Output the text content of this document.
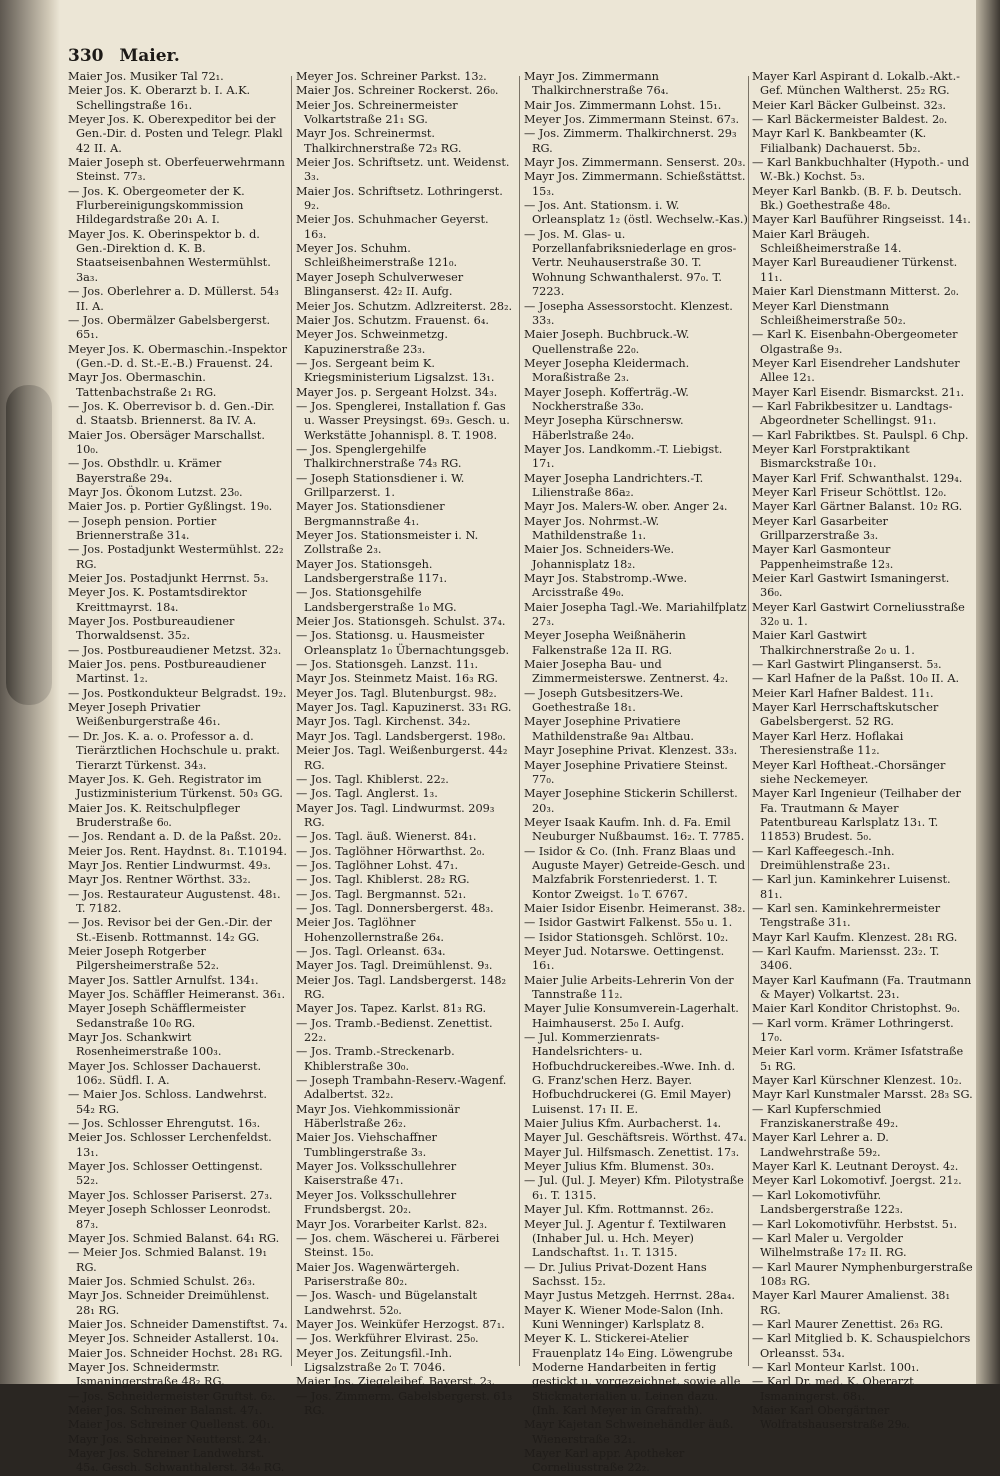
330 Maier.

Maier Jos. Musiker Tal 72₁.

Meier Jos. K. Oberarzt b. I. A.K. Schellingstraße 16₁.

Meyer Jos. K. Oberexpeditor bei der Gen.-Dir. d. Posten und Telegr. Plakl 42 II. A.

Maier Joseph st. Oberfeuerwehrmann Steinst. 77₃.

— Jos. K. Obergeometer der K. Flurbereinigungskommission Hildegardstraße 20₁ A. I.

Mayer Jos. K. Oberinspektor b. d. Gen.-Direktion d. K. B. Staatseisenbahnen Westermühlst. 3a₃.

— Jos. Oberlehrer a. D. Müllerst. 54₃ II. A.

— Jos. Obermälzer Gabelsbergerst. 65₁.

Meyer Jos. K. Obermaschin.-Inspektor (Gen.-D. d. St.-E.-B.) Frauenst. 24.

Mayr Jos. Obermaschin. Tattenbachstraße 2₁ RG.

— Jos. K. Oberrevisor b. d. Gen.-Dir. d. Staatsb. Briennerst. 8a IV. A.

Maier Jos. Obersäger Marschallst. 10₀.

— Jos. Obsthdlr. u. Krämer Bayerstraße 29₄.

Mayr Jos. Ökonom Lutzst. 23₀.

Maier Jos. p. Portier Gyßlingst. 19₀.

— Joseph pension. Portier Briennerstraße 31₄.

— Jos. Postadjunkt Westermühlst. 22₂ RG.

Meier Jos. Postadjunkt Herrnst. 5₃.

Meyer Jos. K. Postamtsdirektor Kreittmayrst. 18₄.

Mayer Jos. Postbureaudiener Thorwaldsenst. 35₂.

— Jos. Postbureaudiener Metzst. 32₃.

Maier Jos. pens. Postbureaudiener Martinst. 1₂.

— Jos. Postkondukteur Belgradst. 19₂.

Meyer Joseph Privatier Weißenburgerstraße 46₁.

— Dr. Jos. K. a. o. Professor a. d. Tierärztlichen Hochschule u. prakt. Tierarzt Türkenst. 34₃.

Mayer Jos. K. Geh. Registrator im Justizministerium Türkenst. 50₃ GG.

Maier Jos. K. Reitschulpfleger Bruderstraße 6₀.

— Jos. Rendant a. D. de la Paßst. 20₂.

Meier Jos. Rent. Haydnst. 8₁. T.10194.

Mayr Jos. Rentier Lindwurmst. 49₃.

Mayr Jos. Rentner Wörthst. 33₂.

— Jos. Restaurateur Augustenst. 48₁. T. 7182.

— Jos. Revisor bei der Gen.-Dir. der St.-Eisenb. Rottmannst. 14₂ GG.

Meier Joseph Rotgerber Pilgersheimerstraße 52₂.

Mayer Jos. Sattler Arnulfst. 134₁.

Mayer Jos. Schäffler Heimeranst. 36₁.

Mayer Joseph Schäfflermeister Sedanstraße 10₀ RG.

Mayr Jos. Schankwirt Rosenheimerstraße 100₃.

Mayer Jos. Schlosser Dachauerst. 106₂. Südfl. I. A.

— Maier Jos. Schloss. Landwehrst. 54₂ RG.

— Jos. Schlosser Ehrengutst. 16₃.

Meier Jos. Schlosser Lerchenfeldst. 13₁.

Mayer Jos. Schlosser Oettingenst. 52₂.

Mayer Jos. Schlosser Pariserst. 27₃.

Meyer Joseph Schlosser Leonrodst. 87₃.

Mayer Jos. Schmied Balanst. 64₁ RG.

— Meier Jos. Schmied Balanst. 19₁ RG.

Maier Jos. Schmied Schulst. 26₃.

Mayr Jos. Schneider Dreimühlenst. 28₁ RG.

Maier Jos. Schneider Damenstiftst. 7₄.

Meyer Jos. Schneider Astallerst. 10₄.

Maier Jos. Schneider Hochst. 28₁ RG.

Mayer Jos. Schneidermstr. Ismaningerstraße 48₂ RG.

— Jos. Schneidermeister Gruftst. 6₂.

Meier Jos. Schreiner Balanst. 47₁.

Maier Jos. Schreiner Quellenst. 60₁.

Mayr Jos. Schreiner Neutterst. 24₁.

Mayer Jos. Schreiner Landwehrst. 45₄. Gesch. Schwanthalerst. 34₀ RG.

Meyer Jos. Schreiner Parkst. 13₂.

Maier Jos. Schreiner Rockerst. 26₀.

Meier Jos. Schreinermeister Volkartstraße 21₁ SG.

Mayr Jos. Schreinermst. Thalkirchnerstraße 72₃ RG.

Meier Jos. Schriftsetz. unt. Weidenst. 3₃.

Maier Jos. Schriftsetz. Lothringerst. 9₂.

Meier Jos. Schuhmacher Geyerst. 16₃.

Meyer Jos. Schuhm. Schleißheimerstraße 121₀.

Mayer Joseph Schulverweser Blinganserst. 42₂ II. Aufg.

Meier Jos. Schutzm. Adlzreiterst. 28₂.

Maier Jos. Schutzm. Frauenst. 6₄.

Meyer Jos. Schweinmetzg. Kapuzinerstraße 23₃.

— Jos. Sergeant beim K. Kriegsministerium Ligsalzst. 13₁.

Mayer Jos. p. Sergeant Holzst. 34₃.

— Jos. Spenglerei, Installation f. Gas u. Wasser Preysingst. 69₃. Gesch. u. Werkstätte Johannispl. 8. T. 1908.

— Jos. Spenglergehilfe Thalkirchnerstraße 74₃ RG.

— Joseph Stationsdiener i. W. Grillparzerst. 1.

Mayer Jos. Stationsdiener Bergmannstraße 4₁.

Meyer Jos. Stationsmeister i. N. Zollstraße 2₃.

Mayer Jos. Stationsgeh. Landsbergerstraße 117₁.

— Jos. Stationsgehilfe Landsbergerstraße 1₀ MG.

Meier Jos. Stationsgeh. Schulst. 37₄.

— Jos. Stationsg. u. Hausmeister Orleansplatz 1₀ Übernachtungsgeb.

— Jos. Stationsgeh. Lanzst. 11₁.

Mayr Jos. Steinmetz Maist. 16₃ RG.

Meyer Jos. Tagl. Blutenburgst. 98₂.

Mayer Jos. Tagl. Kapuzinerst. 33₁ RG.

Mayr Jos. Tagl. Kirchenst. 34₂.

Mayr Jos. Tagl. Landsbergerst. 198₀.

Meier Jos. Tagl. Weißenburgerst. 44₂ RG.

— Jos. Tagl. Khiblerst. 22₂.

— Jos. Tagl. Anglerst. 1₃.

Mayer Jos. Tagl. Lindwurmst. 209₃ RG.

— Jos. Tagl. äuß. Wienerst. 84₁.

— Jos. Taglöhner Hörwarthst. 2₀.

— Jos. Taglöhner Lohst. 47₁.

— Jos. Tagl. Khiblerst. 28₂ RG.

— Jos. Tagl. Bergmannst. 52₁.

— Jos. Tagl. Donnersbergerst. 48₃.

Meier Jos. Taglöhner Hohenzollernstraße 26₄.

— Jos. Tagl. Orleanst. 63₄.

Mayer Jos. Tagl. Dreimühlenst. 9₃.

Meier Jos. Tagl. Landsbergerst. 148₂ RG.

Mayer Jos. Tapez. Karlst. 81₃ RG.

— Jos. Tramb.-Bedienst. Zenettist. 22₂.

— Jos. Tramb.-Streckenarb. Khiblerstraße 30₀.

— Joseph Trambahn-Reserv.-Wagenf. Adalbertst. 32₂.

Mayr Jos. Viehkommissionär Häberlstraße 26₂.

Maier Jos. Viehschaffner Tumblingerstraße 3₃.

Mayer Jos. Volksschullehrer Kaiserstraße 47₁.

Meyer Jos. Volksschullehrer Frundsbergst. 20₂.

Mayr Jos. Vorarbeiter Karlst. 82₃.

— Jos. chem. Wäscherei u. Färberei Steinst. 15₀.

Maier Jos. Wagenwärtergeh. Pariserstraße 80₂.

— Jos. Wasch- und Bügelanstalt Landwehrst. 52₀.

Mayer Jos. Weinküfer Herzogst. 87₁.

— Jos. Werkführer Elvirast. 25₀.

Meyer Jos. Zeitungsfil.-Inh. Ligsalzstraße 2₀ T. 7046.

Maier Jos. Ziegeleibef. Bayerst. 2₃.

— Jos. Zimmerm. Gabelsbergerst. 61₃ RG.

Mayr Jos. Zimmermann Thalkirchnerstraße 76₄.

Mair Jos. Zimmermann Lohst. 15₁.

Meyer Jos. Zimmermann Steinst. 67₃.

— Jos. Zimmerm. Thalkirchnerst. 29₃ RG.

Mayr Jos. Zimmermann. Senserst. 20₃.

Mayr Jos. Zimmermann. Schießstättst. 15₃.

— Jos. Ant. Stationsm. i. W. Orleansplatz 1₂ (östl. Wechselw.-Kas.)

— Jos. M. Glas- u. Porzellanfabriksniederlage en gros-Vertr. Neuhauserstraße 30. T. Wohnung Schwanthalerst. 97₀. T. 7223.

— Josepha Assessorstocht. Klenzest. 33₃.

Maier Joseph. Buchbruck.-W. Quellenstraße 22₀.

Meyer Josepha Kleidermach. Moraßistraße 2₃.

Mayer Joseph. Kofferträg.-W. Nockherstraße 33₀.

Meyr Josepha Kürschnersw. Häberlstraße 24₀.

Mayer Jos. Landkomm.-T. Liebigst. 17₁.

Mayer Josepha Landrichters.-T. Lilienstraße 86a₂.

Mayr Jos. Malers-W. ober. Anger 2₄.

Mayer Jos. Nohrmst.-W. Mathildenstraße 1₁.

Maier Jos. Schneiders-We. Johannisplatz 18₂.

Mayr Jos. Stabstromp.-Wwe. Arcisstraße 49₀.

Maier Josepha Tagl.-We. Mariahilfplatz 27₃.

Meyer Josepha Weißnäherin Falkenstraße 12a II. RG.

Maier Josepha Bau- und Zimmermeisterswe. Zentnerst. 4₂.

— Joseph Gutsbesitzers-We. Goethestraße 18₁.

Mayer Josephine Privatiere Mathildenstraße 9a₁ Altbau.

Mayr Josephine Privat. Klenzest. 33₃.

Mayer Josephine Privatiere Steinst. 77₀.

Mayer Josephine Stickerin Schillerst. 20₃.

Meyer Isaak Kaufm. Inh. d. Fa. Emil Neuburger Nußbaumst. 16₂. T. 7785.

— Isidor & Co. (Inh. Franz Blaas und Auguste Mayer) Getreide-Gesch. und Malzfabrik Forstenriederst. 1. T. Kontor Zweigst. 1₀ T. 6767.

Maier Isidor Eisenbr. Heimeranst. 38₂.

— Isidor Gastwirt Falkenst. 55₀ u. 1.

— Isidor Stationsgeh. Schlörst. 10₂.

Meyer Jud. Notarswe. Oettingenst. 16₁.

Maier Julie Arbeits-Lehrerin Von der Tannstraße 11₂.

Mayer Julie Konsumverein-Lagerhalt. Haimhauserst. 25₀ I. Aufg.

— Jul. Kommerzienrats-Handelsrichters- u. Hofbuchdruckereibes.-Wwe. Inh. d. G. Franz'schen Herz. Bayer. Hofbuchdruckerei (G. Emil Mayer) Luisenst. 17₁ II. E.

Maier Julius Kfm. Aurbacherst. 1₄.

Mayer Jul. Geschäftsreis. Wörthst. 47₄.

Mayer Jul. Hilfsmasch. Zenettist. 17₃.

Meyer Julius Kfm. Blumenst. 30₃.

— Jul. (Jul. J. Meyer) Kfm. Pilotystraße 6₁. T. 1315.

Mayer Jul. Kfm. Rottmannst. 26₂.

Meyer Jul. J. Agentur f. Textilwaren (Inhaber Jul. u. Hch. Meyer) Landschaftst. 1₁. T. 1315.

— Dr. Julius Privat-Dozent Hans Sachsst. 15₂.

Mayr Justus Metzgeh. Herrnst. 28a₄.

Mayer K. Wiener Mode-Salon (Inh. Kuni Wenninger) Karlsplatz 8.

Meyer K. L. Stickerei-Atelier Frauenplatz 14₀ Eing. Löwengrube Moderne Handarbeiten in fertig gestickt u. vorgezeichnet, sowie alle Stickmaterialien u. Leinen dazu. (Inh. Karl Meyer in Grafrath).

Mayr Kajetan Schweinehändler äuß. Wienerstraße 32₁.

Mayer Karl appr. Apotheker Corneliusstraße 22₂.

Mayer Karl Aspirant d. Lokalb.-Akt.-Gef. München Waltherst. 25₂ RG.

Meier Karl Bäcker Gulbeinst. 32₃.

— Karl Bäckermeister Baldest. 2₀.

Mayr Karl K. Bankbeamter (K. Filialbank) Dachauerst. 5b₂.

— Karl Bankbuchhalter (Hypoth.- und W.-Bk.) Kochst. 5₃.

Meyer Karl Bankb. (B. F. b. Deutsch. Bk.) Goethestraße 48₀.

Mayer Karl Bauführer Ringseisst. 14₁.

Maier Karl Bräugeh. Schleißheimerstraße 14.

Mayer Karl Bureaudiener Türkenst. 11₁.

Maier Karl Dienstmann Mitterst. 2₀.

Meyer Karl Dienstmann Schleißheimerstraße 50₂.

— Karl K. Eisenbahn-Obergeometer Olgastraße 9₃.

Meyer Karl Eisendreher Landshuter Allee 12₁.

Mayer Karl Eisendr. Bismarckst. 21₁.

— Karl Fabrikbesitzer u. Landtags-Abgeordneter Schellingst. 91₁.

— Karl Fabriktbes. St. Paulspl. 6 Chp.

Meyer Karl Forstpraktikant Bismarckstraße 10₁.

Mayer Karl Frif. Schwanthalst. 129₄.

Meyer Karl Friseur Schöttlst. 12₀.

Mayer Karl Gärtner Balanst. 10₂ RG.

Meyer Karl Gasarbeiter Grillparzerstraße 3₃.

Mayer Karl Gasmonteur Pappenheimstraße 12₃.

Meier Karl Gastwirt Ismaningerst. 36₀.

Meyer Karl Gastwirt Corneliusstraße 32₀ u. 1.

Maier Karl Gastwirt Thalkirchnerstraße 2₀ u. 1.

— Karl Gastwirt Plinganserst. 5₃.

— Karl Hafner de la Paßst. 10₀ II. A.

Meier Karl Hafner Baldest. 11₁.

Mayer Karl Herrschaftskutscher Gabelsbergerst. 52 RG.

Mayer Karl Herz. Hoflakai Theresienstraße 11₂.

Meyer Karl Hoftheat.-Chorsänger siehe Neckemeyer.

Mayer Karl Ingenieur (Teilhaber der Fa. Trautmann & Mayer Patentbureau Karlsplatz 13₁. T. 11853) Brudest. 5₀.

— Karl Kaffeegesch.-Inh. Dreimühlenstraße 23₁.

— Karl jun. Kaminkehrer Luisenst. 81₁.

— Karl sen. Kaminkehrermeister Tengstraße 31₁.

Mayr Karl Kaufm. Klenzest. 28₁ RG.

— Karl Kaufm. Mariensst. 23₂. T. 3406.

Mayer Karl Kaufmann (Fa. Trautmann & Mayer) Volkartst. 23₁.

Maier Karl Konditor Christophst. 9₀.

— Karl vorm. Krämer Lothringerst. 17₀.

Meier Karl vorm. Krämer Isfatstraße 5₁ RG.

Mayer Karl Kürschner Klenzest. 10₂.

Mayr Karl Kunstmaler Marsst. 28₃ SG.

— Karl Kupferschmied Franziskanerstraße 49₂.

Mayer Karl Lehrer a. D. Landwehrstraße 59₂.

Mayer Karl K. Leutnant Deroyst. 4₂.

Meyer Karl Lokomotivf. Joergst. 21₂.

— Karl Lokomotivführ. Landsbergerstraße 122₃.

— Karl Lokomotivführ. Herbstst. 5₁.

— Karl Maler u. Vergolder Wilhelmstraße 17₂ II. RG.

— Karl Maurer Nymphenburgerstraße 108₃ RG.

Mayer Karl Maurer Amalienst. 38₁ RG.

— Karl Maurer Zenettist. 26₃ RG.

— Karl Mitglied b. K. Schauspielchors Orleansst. 53₄.

— Karl Monteur Karlst. 100₁.

— Karl Dr. med. K. Oberarzt Ismaningerst. 68₁.

Maier Karl Obergärtner Wolfratshauserstraße 29₀.
